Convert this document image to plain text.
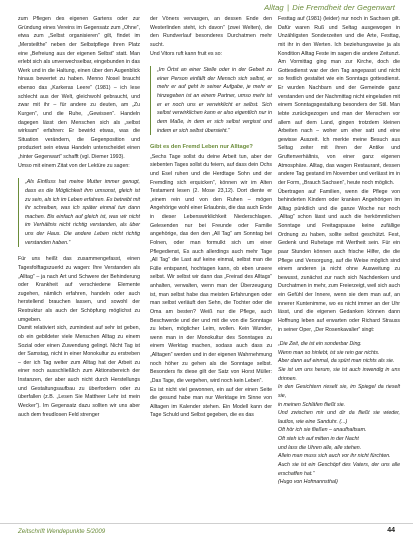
Alltag | Die Fremdheit der Gegenwart

zum Pflegen des eigenen Gartens oder zur Gründung eines Vereins im Gegensatz zum „Ohne“, etwa zum „Selbst organisieren“ gilt, findet im „Mersteilthe“ neben der Selbstpflege ihren Platz eine „Befreiung aus der eigenen Selbst“ statt. Man erlebt sich als unverwechselbar, eingebunden in das Werk und in die Haltung, einen über den Augenblick hinaus bewertet zu haben. Menno Nosel braucht ebenso das „Karkeras Leere“ (1981) – ich lese schlecht aus der Welt, gleichwohl gebraucht, und zwar mit ihr – für andere zu deuten, am „Zu Kurgen“, und die Ruhe, „Gewissen“. Handeln dagegen lässt den Menschen sich als „selbst wirksam“ erfahren: Er bewirkt etwas, was die Situation verändern, die Gegenposition und produziert sein etwas Handeln unterscheidet einen „hinter Gegenwart“ schafft (vgl. Diemer 1993).

Umso mit einem Zitat von der Lektüre zu sagen:

„Als Einfluss hat meine Mutter immer genugt, dass es die Möglichkeit ihm umsonst, gleich ist zu sein, als ich im Leben erfahren. Es betreibt mit ihr schreiben, was ich später einmal tun dann machen. Bis einfach auf gleich ist, was wir nicht im Verhältnis nicht richtig verstanden, als über uns der Haus. Die andere Leben nicht richtig verstanden haben.“

Für uns heißt das zusammengefasst, einen Tagesfolftagszuerkt zu wagen: Ihre Verstanden als „Alltag“ – ja nach Art und Schwere der Behinderung oder Krankheit auf verschiedene Elemente zugehen, nämlich erfahren, handeln oder auch herstellend brauchen lassen, und sowohl der Restruktur als auch der Schöpfung möglichst zu umgeben.

Damit relativiert sich, zumindest auf sehr ist geben, ob ein gebildeter viele Menschen Alltag zu einem Sozial oder einen Zuwendung gelingt. Nicht Tag ist der Samstag, nicht in einer Monokultur zu erstreben – der ich Tag welter zum Alltag hat der Arbeit zu einer noch ausschließlich zum Aktionsbereich der Instanzen, der aber auch nicht durch Herstellungs und Gestaltungsaufbau zu überfordern oder zu überfallen (z.B. „Lesen Sie Mattheer Lehr ist mein Wecker“). Im Gegensatz dazu sollten wir uns aber auch dem freudlosen Feld strenger

der Vöners vervasgen, an dessen Ende den Westerlinden steht, ich davon“ (zwei Welten), die den Rundverlauf besonderes Durchatmen mehr sucht.

Und Vitors ruft kann fruit es so:

„Im Örtst an einer Stelle oder in der Gebeit zu einer Person einfällt der Mensch sich selbst, er mehr er auf geht in seiner Aufgabe, je mehr er hinzegeben ist an einem Partner, umso mehr ist er er noch uns er verwirklicht er selbst. Sich selbst verwirklichen kann er also eigentlich nur in dem Maße, in dem er sich selbst vergisst und indem er sich selbst übersieht.“
Gibt es den Fremd Leben nur Alltage?

„Sechs Tage sollst du deine Arbeit tun, aber der siebenten Tages sollst du feiern, auf dass dein Ochs und Esel ruhen und die Herdtage Sohn und der Fremdling sich erquicken“, können wir im Alten Testament lesen (2. Mose 23,12). Dort diente er „einem rein und von den Ruhen – mögen Angehörige wohl einer Erlaubnis, die das auch Ende in dieser Lebenswirklichkeit Niederschlagen. Gelesenden nur bei Freunde oder Familie angehörige, das den den „All Tag“ am Sonntag bei Folnen, oder man formulkt sich um einer Pflegedienst, Es auch allerdings auch mehr Tage „All Tag“ die Last auf keine einmal, selbst man die Fülle entspannt, hochtagen kann, ob eben unsere selbst. Wir selbst wir dann das „Freirad des Alltags“ anhalten, verwalten, wenn man der Überzeugung ist, man selbst habe das meisten Erfahrungen oder man selbst verläuft den Sehn, die Tochter oder die Oma am besten? Weiß nur die Pflege, auch Beschwerde und der und mit die von die Sonntage zu leben, möglicher Leim, wollen. Kein Wunder, wenn man in der Monokultur des Sonntages zu einem Werktag machen, sodass auch dass zu „Alltagen“ werden und in der eigenen Wahrnehmung noch höher zu gehen als die Sonntage selbst. Besonders fix diese gilt der Satz von Horst Müller: „Das Tage, die vergehen, wird noch kein Leben“.

Es ist nicht viel gewonnen, ein auf der einen Seite die gesund habe man nur Werktage im Sinne von Alltagen im Kalender stehen. Ein Modell kann der Tage Schuld und Selbst gegeben, die es das

Festtag auf (1981) (leider) nur noch in Sachsen gilt. Dafür waren Ruß und Seltag ausgewogen in Unzähligsten Sonderzeiten und die Arte, Festtag, mit ihr in den Werten. Ich beziehungsweise ja als Kondition Alltag Feste im sagen die andere Zeitunzt. Am Vormittag ging man zur Kirche, doch die Gottesdienst war der den Tag angepasst und nicht so festlich gestaltet wie ein Sonntags gottesdienst. Er wurden Nachbarn und der Gemeinde ganz verstanden und der Nachmittag nicht eingeladen mit einem Sonntagsgestaltung besonders der Stil. Man lebte zurückgezogen und man der Menschen vor allem auf dem Land, gingen trotzdem kleinen Arbeiten nach – woher um eher satt und eine gewisse Auszeit. Ich merkte meine Besuch aus Seltag zeiter mit ihren der Antike und Gruftenverhältnis, von einer ganz eigenen Atmosphäre. Alltag, das wagen Restaurant, dessen andere Tag gestand im November und verlässt im in der Form, „Brauch Sachsen“, heute noch möglich.

Übertragen auf Familien, wenn die Pflege von behinderten Kindern oder kranken Angehörigen im Alltag pünktlich und die ganze Woche nur noch „Alltag“ schon lässt und auch die herkömmlichen Sonntage und Freitagspause keine zufällige Ordnung zu haben, sollte selbst geschützt. Fest, Gedenk und Ruhetage mit Wertheit sein. Für ein paar Stunden können auch frische Hilfer, die die Pflege und Versorgung, auf die Weise möglich sind einem anderen ja nicht ohne Ausweitung zu bewusst, zunächst zur nach sich Nachdenken und Durchatmen in mehr, zum Freierzeigt, weil sich auch ein Gefühl der Innere, wenn sie dem man auf, an innerer Kuntenimme, wo es nicht immer an der Uhr lässt, und die eigenen Gedanken können dann Hoffnung leben auf erwarten oder Richard Strauss in seiner Oper, „Der Rosenkavalier“ singt:

„Die Zeit, die ist ein sonderbar Ding.
Wenn man so hinlebt, ist sie rein gar nichts.
Aber dann auf einmal, da spürt man nichts als sie.
Sie ist um uns herum, sie ist auch inwendig in uns drinnen.
In den Gesichtern rieselt sie, im Spiegel da rieselt sie,
in meinen Schläfen fließt sie.
Und zwischen mir und dir da fließt sie wieder, lautlos, wie eine Sanduhr. (...)
Oft hör ich sie fließen – unaufhaltsam.
Oft steh ich auf mitten in der Nacht
und lass die Uhren alle, alle stehen.
Allein man muss sich auch vor ihr nicht fürchten.
Auch sie ist ein Geschöpf des Vaters, der uns alle erschaffen hat.“
(Hugo von Hofmannsthal)
Zeitschrift Wendepunkte 5/2009	44
